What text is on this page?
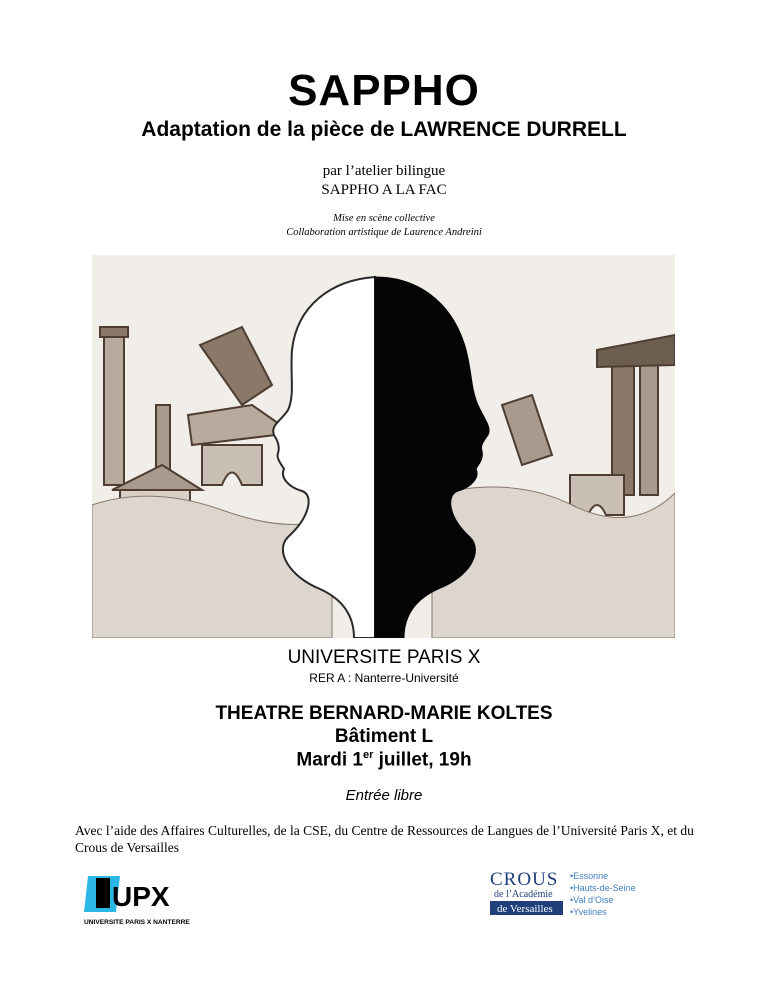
SAPPHO
Adaptation de la pièce de LAWRENCE DURRELL
par l’atelier bilingue
SAPPHO A LA FAC
Mise en scène collective
Collaboration artistique de Laurence Andreini
UNIVERSITE PARIS X
RER A : Nanterre-Université
THEATRE BERNARD-MARIE KOLTES
Bâtiment L
Mardi 1er juillet, 19h
Entrée libre
Avec l’aide des Affaires Culturelles, de la CSE, du Centre de Ressources de Langues de l’Université Paris X, et du Crous de Versailles
UPX
UNIVERSITE PARIS X NANTERRE
CROUS
de l’Académie
de Versailles
•Essonne
•Hauts-de-Seine
•Val d’Oise
•Yvelines
